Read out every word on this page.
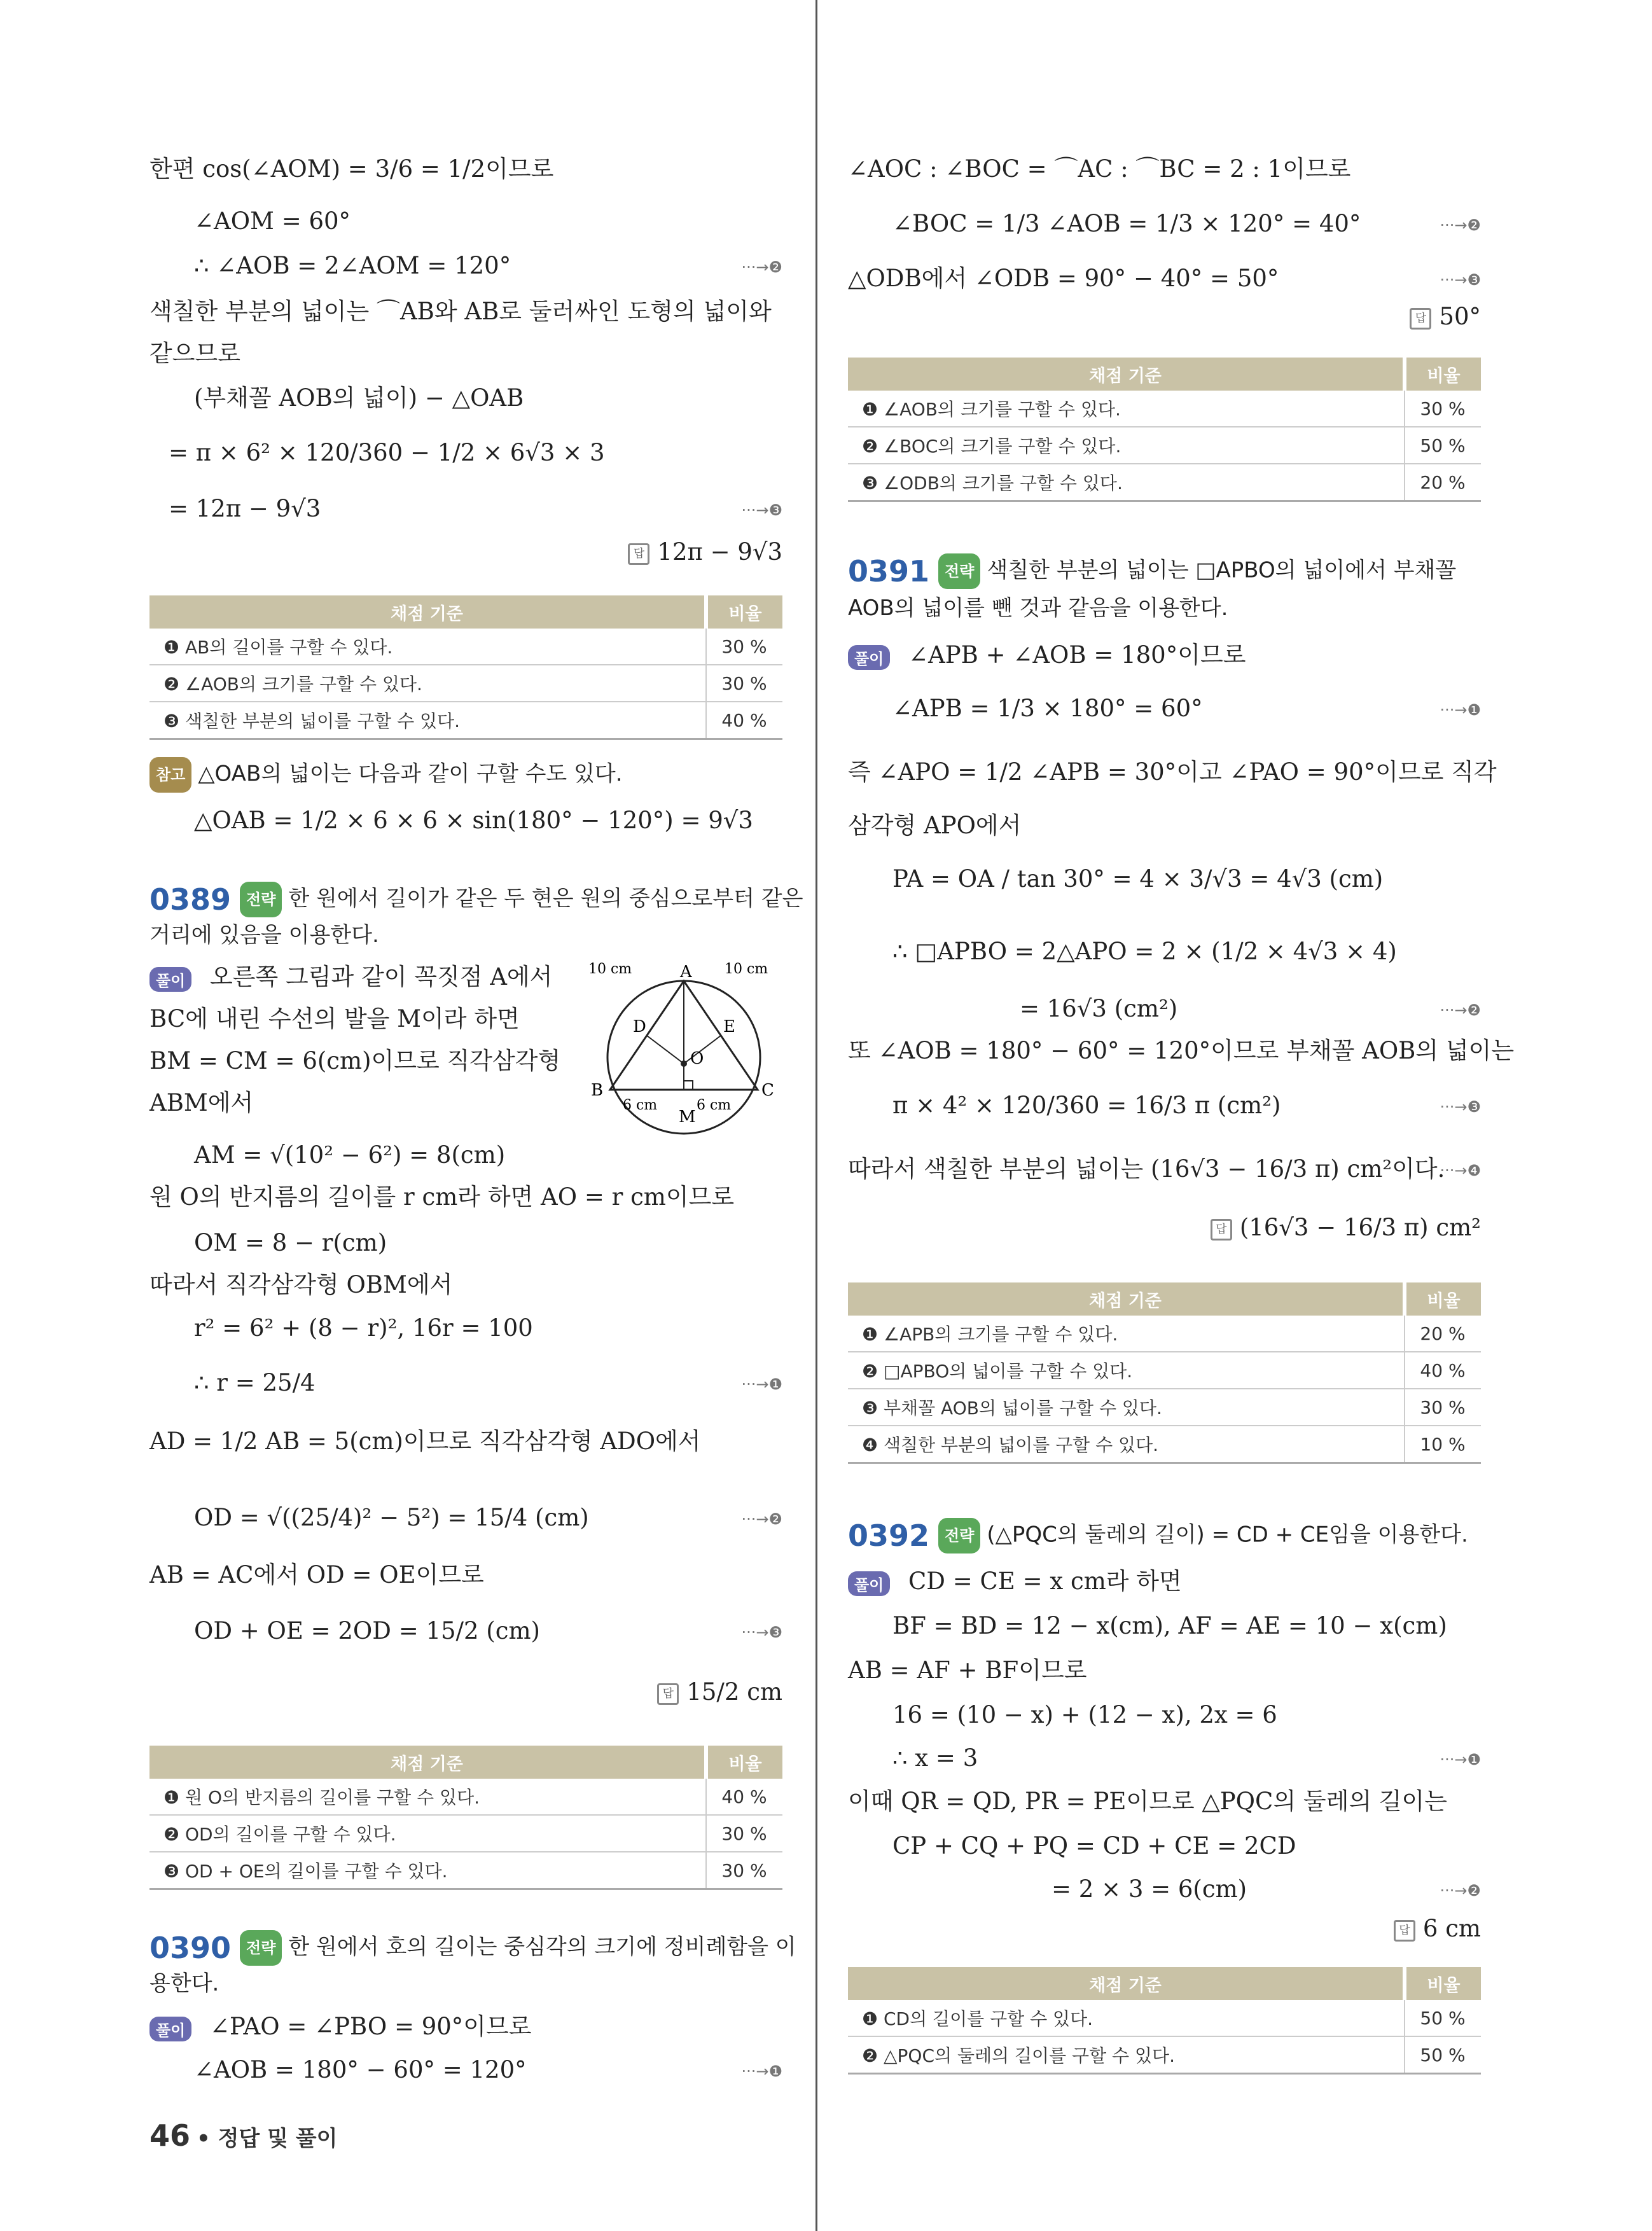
한편 cos(∠AOM) = 3/6 = 1/2이므로
∠AOM = 60°
∴ ∠AOB = 2∠AOM = 120°	···→❷
색칠한 부분의 넓이는 ⌒AB와 AB로 둘러싸인 도형의 넓이와
같으므로
(부채꼴 AOB의 넓이) − △OAB
= π × 6² × 120/360 − 1/2 × 6√3 × 3
= 12π − 9√3	···→❸
답 12π − 9√3
채점 기준	비율
❶ AB의 길이를 구할 수 있다.	30 %
❷ ∠AOB의 크기를 구할 수 있다.	30 %
❸ 색칠한 부분의 넓이를 구할 수 있다.	40 %
참고 △OAB의 넓이는 다음과 같이 구할 수도 있다.
△OAB = 1/2 × 6 × 6 × sin(180° − 120°) = 9√3
0389 전략 한 원에서 길이가 같은 두 현은 원의 중심으로부터 같은
거리에 있음을 이용한다.
풀이 오른쪽 그림과 같이 꼭짓점 A에서
BC에 내린 수선의 발을 M이라 하면
BM = CM = 6(cm)이므로 직각삼각형
ABM에서
AM = √(10² − 6²) = 8(cm)
원 O의 반지름의 길이를 r cm라 하면 AO = r cm이므로
OM = 8 − r(cm)
따라서 직각삼각형 OBM에서
r² = 6² + (8 − r)², 16r = 100
∴ r = 25/4	···→❶
AD = 1/2 AB = 5(cm)이므로 직각삼각형 ADO에서
OD = √((25/4)² − 5²) = 15/4 (cm)	···→❷
AB = AC에서 OD = OE이므로
OD + OE = 2OD = 15/2 (cm)	···→❸
A
B	C
D	E
O
M
10 cm	10 cm
6 cm	6 cm
답 15/2 cm
채점 기준	비율
❶ 원 O의 반지름의 길이를 구할 수 있다.	40 %
❷ OD의 길이를 구할 수 있다.	30 %
❸ OD + OE의 길이를 구할 수 있다.	30 %
0390 전략 한 원에서 호의 길이는 중심각의 크기에 정비례함을 이
용한다.
풀이 ∠PAO = ∠PBO = 90°이므로
∠AOB = 180° − 60° = 120°	···→❶
∠AOC : ∠BOC = ⌒AC : ⌒BC = 2 : 1이므로
∠BOC = 1/3 ∠AOB = 1/3 × 120° = 40°	···→❷
△ODB에서 ∠ODB = 90° − 40° = 50°	···→❸
답 50°
채점 기준	비율
❶ ∠AOB의 크기를 구할 수 있다.	30 %
❷ ∠BOC의 크기를 구할 수 있다.	50 %
❸ ∠ODB의 크기를 구할 수 있다.	20 %
0391 전략 색칠한 부분의 넓이는 □APBO의 넓이에서 부채꼴
AOB의 넓이를 뺀 것과 같음을 이용한다.
풀이 ∠APB + ∠AOB = 180°이므로
∠APB = 1/3 × 180° = 60°	···→❶
즉 ∠APO = 1/2 ∠APB = 30°이고 ∠PAO = 90°이므로 직각
삼각형 APO에서
PA = OA / tan 30° = 4 × 3/√3 = 4√3 (cm)
∴ □APBO = 2△APO = 2 × (1/2 × 4√3 × 4)
= 16√3 (cm²)	···→❷
또 ∠AOB = 180° − 60° = 120°이므로 부채꼴 AOB의 넓이는
π × 4² × 120/360 = 16/3 π (cm²)	···→❸
따라서 색칠한 부분의 넓이는 (16√3 − 16/3 π) cm²이다.
···→❹
답 (16√3 − 16/3 π) cm²
채점 기준	비율
❶ ∠APB의 크기를 구할 수 있다.	20 %
❷ □APBO의 넓이를 구할 수 있다.	40 %
❸ 부채꼴 AOB의 넓이를 구할 수 있다.	30 %
❹ 색칠한 부분의 넓이를 구할 수 있다.	10 %
0392 전략 (△PQC의 둘레의 길이) = CD + CE임을 이용한다.
풀이 CD = CE = x cm라 하면
BF = BD = 12 − x(cm), AF = AE = 10 − x(cm)
AB = AF + BF이므로
16 = (10 − x) + (12 − x), 2x = 6
∴ x = 3	···→❶
이때 QR = QD, PR = PE이므로 △PQC의 둘레의 길이는
CP + CQ + PQ = CD + CE = 2CD
= 2 × 3 = 6(cm)	···→❷
답 6 cm
채점 기준	비율
❶ CD의 길이를 구할 수 있다.	50 %
❷ △PQC의 둘레의 길이를 구할 수 있다.	50 %
46 • 정답 및 풀이
